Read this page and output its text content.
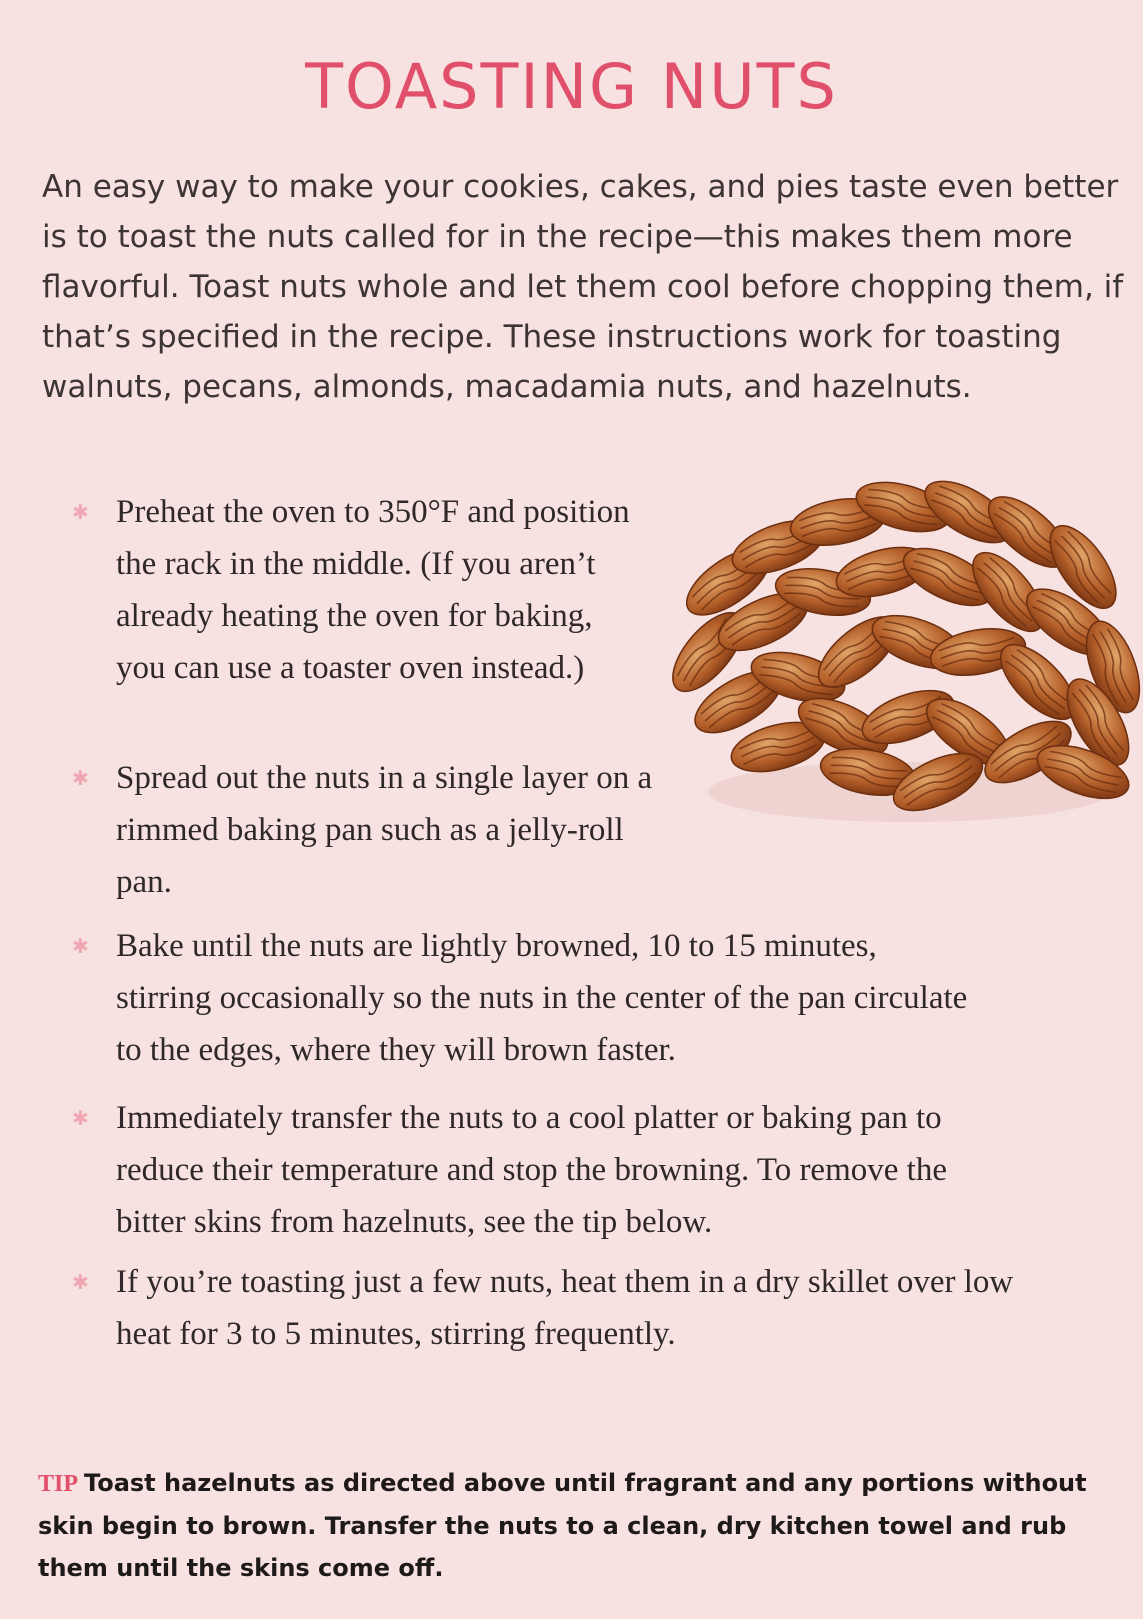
TOASTING NUTS
An easy way to make your cookies, cakes, and pies taste even better is to toast the nuts called for in the recipe—this makes them more flavorful. Toast nuts whole and let them cool before chopping them, if that’s specified in the recipe. These instructions work for toasting walnuts, pecans, almonds, macadamia nuts, and hazelnuts.
✱ Preheat the oven to 350°F and position the rack in the middle. (If you aren’t already heating the oven for baking, you can use a toaster oven instead.)
✱ Spread out the nuts in a single layer on a rimmed baking pan such as a jelly-roll pan.
✱ Bake until the nuts are lightly browned, 10 to 15 minutes, stirring occasionally so the nuts in the center of the pan circulate to the edges, where they will brown faster.
✱ Immediately transfer the nuts to a cool platter or baking pan to reduce their temperature and stop the browning. To remove the bitter skins from hazelnuts, see the tip below.
✱ If you’re toasting just a few nuts, heat them in a dry skillet over low heat for 3 to 5 minutes, stirring frequently.
TIP Toast hazelnuts as directed above until fragrant and any portions without skin begin to brown. Transfer the nuts to a clean, dry kitchen towel and rub them until the skins come off.
